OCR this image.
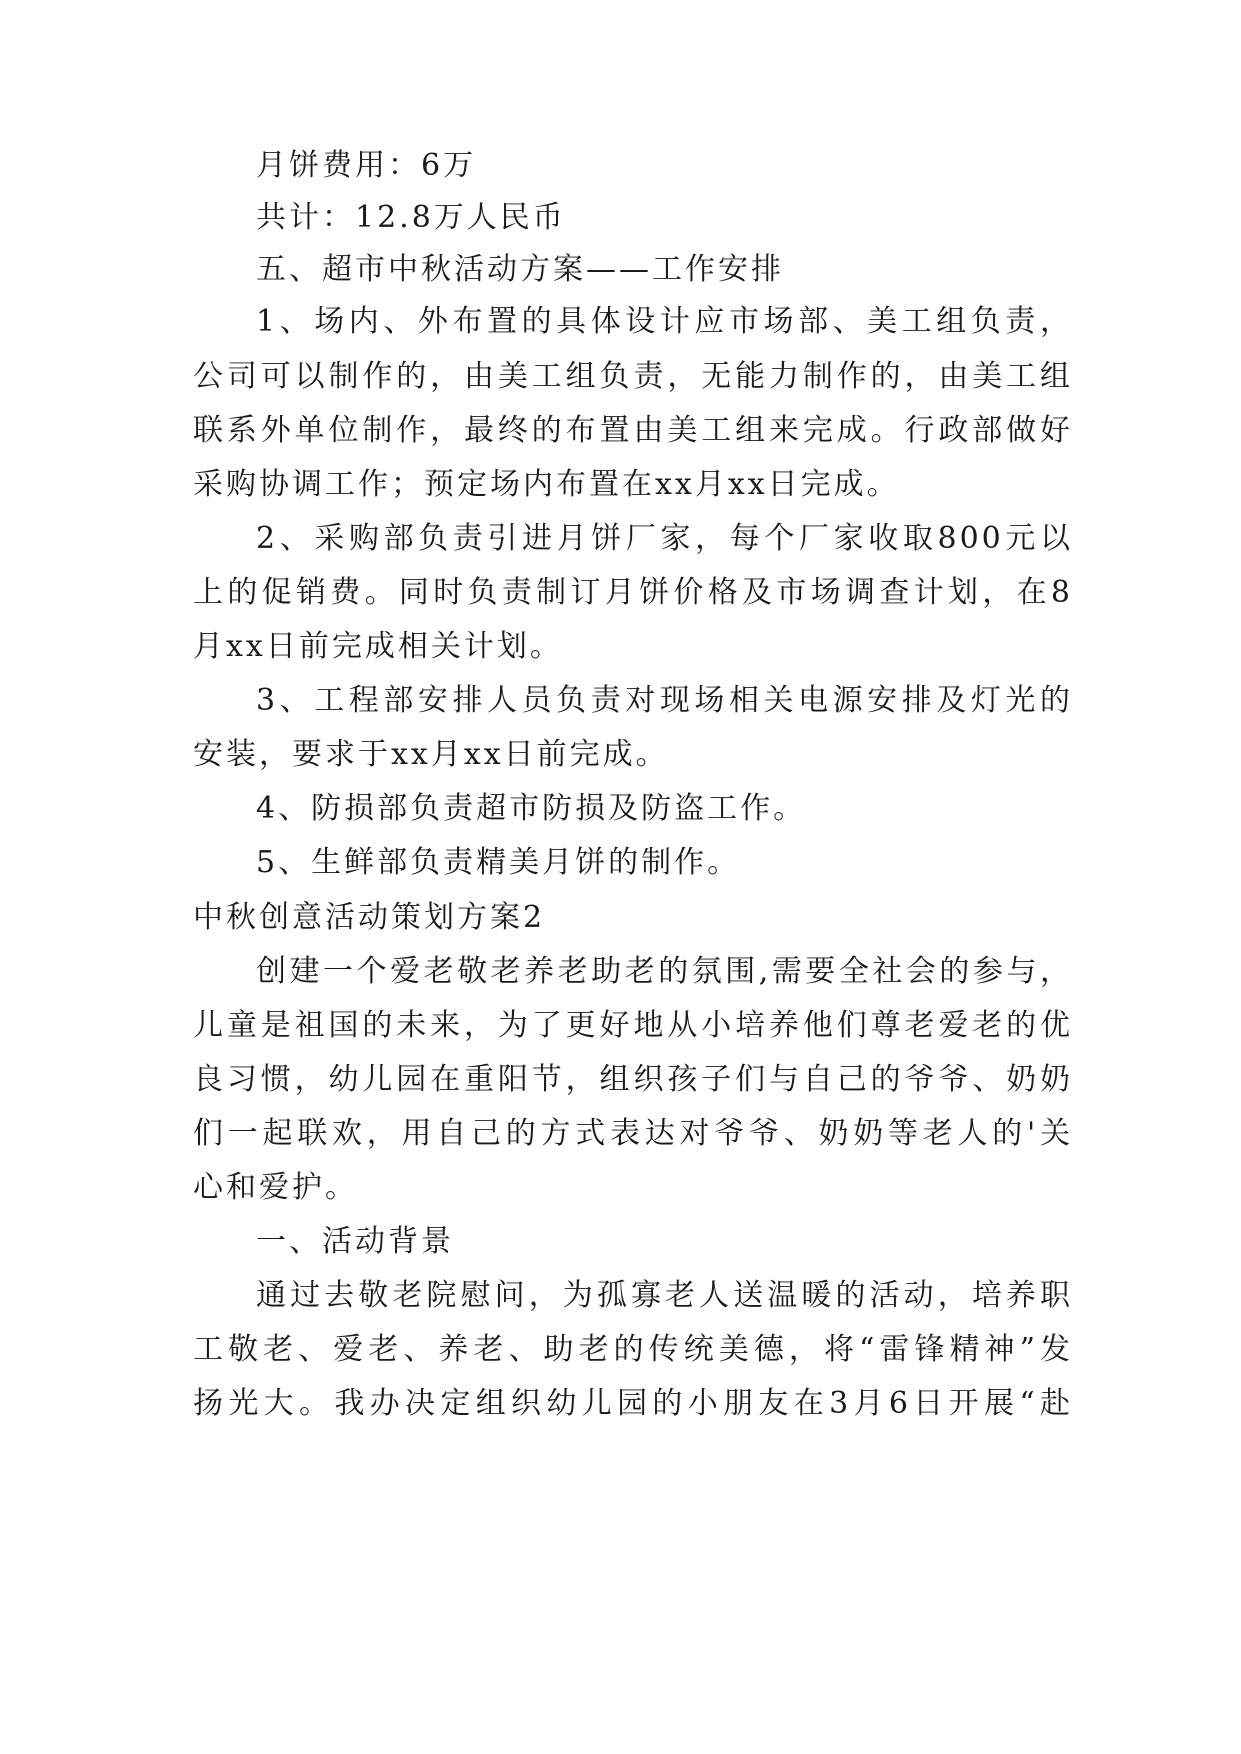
月饼费用：6万

共计：12.8万人民币

五、超市中秋活动方案——工作安排

1、场内、外布置的具体设计应市场部、美工组负责，

公司可以制作的，由美工组负责，无能力制作的，由美工组

联系外单位制作，最终的布置由美工组来完成。行政部做好

采购协调工作；预定场内布置在xx月xx日完成。

2、采购部负责引进月饼厂家，每个厂家收取800元以

上的促销费。同时负责制订月饼价格及市场调查计划，在8

月xx日前完成相关计划。

3、工程部安排人员负责对现场相关电源安排及灯光的

安装，要求于xx月xx日前完成。

4、防损部负责超市防损及防盗工作。

5、生鲜部负责精美月饼的制作。

中秋创意活动策划方案2

创建一个爱老敬老养老助老的氛围,需要全社会的参与，

儿童是祖国的未来，为了更好地从小培养他们尊老爱老的优

良习惯，幼儿园在重阳节，组织孩子们与自己的爷爷、奶奶

们一起联欢，用自己的方式表达对爷爷、奶奶等老人的'关

心和爱护。

一、活动背景

通过去敬老院慰问，为孤寡老人送温暖的活动，培养职

工敬老、爱老、养老、助老的传统美德，将“雷锋精神”发

扬光大。我办决定组织幼儿园的小朋友在3月6日开展“赴
